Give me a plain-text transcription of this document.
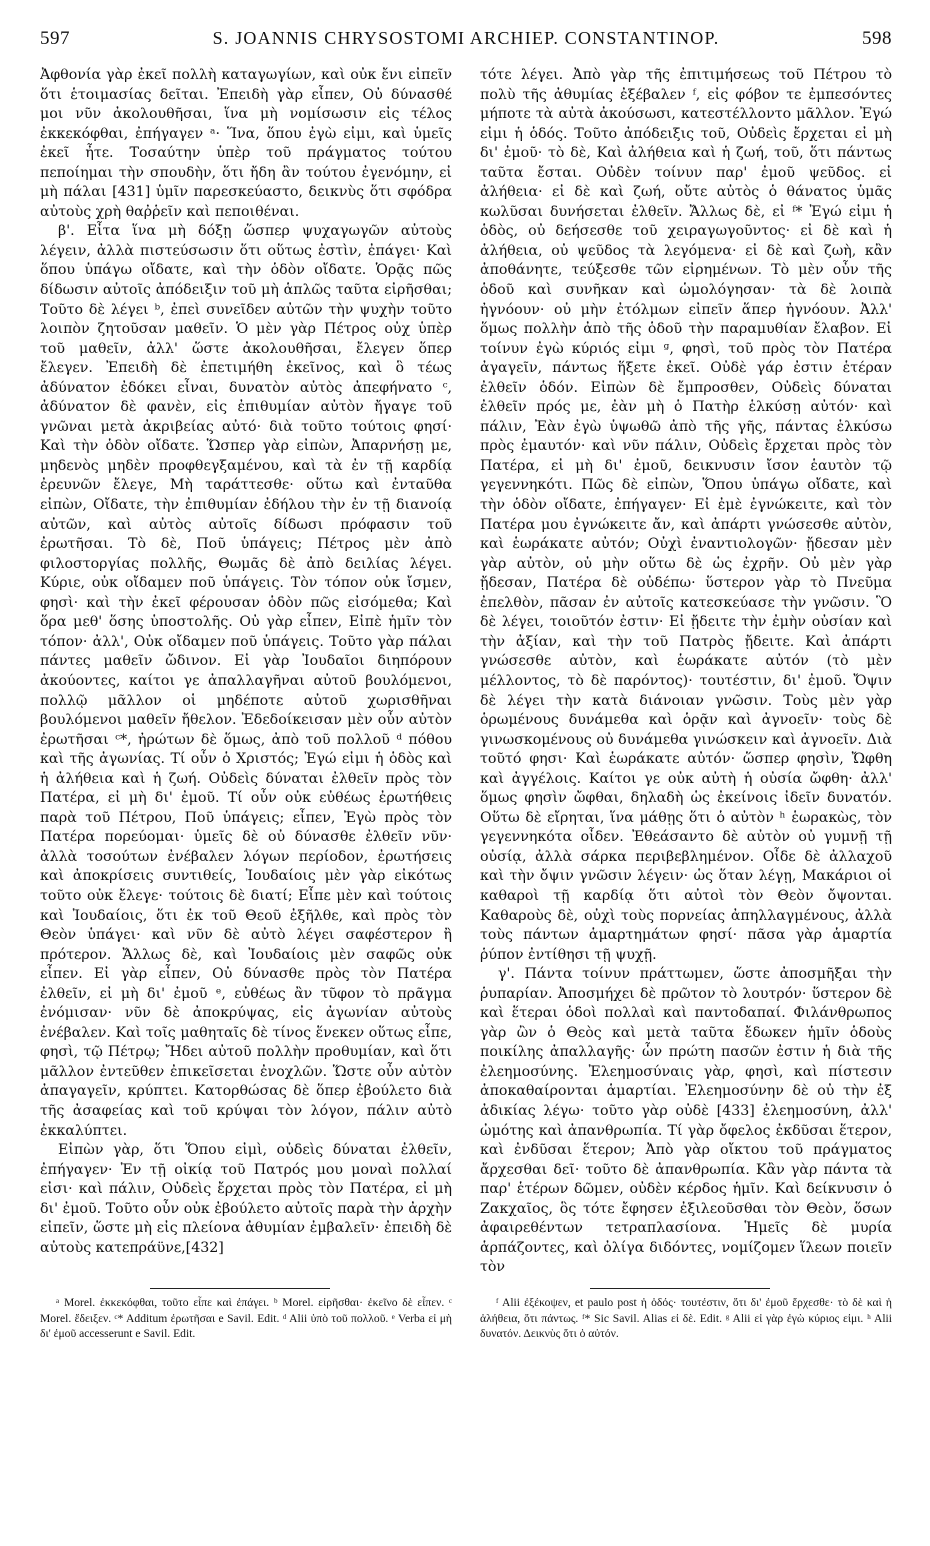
597	S. JOANNIS CHRYSOSTOMI ARCHIEP. CONSTANTINOP.	598

Ἀφθονία γὰρ ἐκεῖ πολλὴ καταγωγίων, καὶ οὐκ ἔνι εἰπεῖν ὅτι ἑτοιμασίας δεῖται. Ἐπειδὴ γὰρ εἶπεν, Οὐ δύνασθέ μοι νῦν ἀκολουθῆσαι, ἵνα μὴ νομίσωσιν εἰς τέλος ἐκκεκόφθαι, ἐπήγαγεν ᵃ· Ἵνα, ὅπου ἐγὼ εἰμι, καὶ ὑμεῖς ἐκεῖ ἦτε. Τοσαύτην ὑπὲρ τοῦ πράγματος τούτου πεποίημαι τὴν σπουδὴν, ὅτι ἤδη ἂν τούτου ἐγενόμην, εἰ μὴ πάλαι [431] ὑμῖν παρεσκεύαστο, δεικνὺς ὅτι σφόδρα αὐτοὺς χρὴ θαῤῥεῖν καὶ πεποιθέναι.

β'. Εἶτα ἵνα μὴ δόξῃ ὥσπερ ψυχαγωγῶν αὐτοὺς λέγειν, ἀλλὰ πιστεύσωσιν ὅτι οὕτως ἐστὶν, ἐπάγει· Καὶ ὅπου ὑπάγω οἴδατε, καὶ τὴν ὁδὸν οἴδατε. Ὁρᾷς πῶς δίδωσιν αὐτοῖς ἀπόδειξιν τοῦ μὴ ἁπλῶς ταῦτα εἰρῆσθαι; Τοῦτο δὲ λέγει ᵇ, ἐπεὶ συνεῖδεν αὐτῶν τὴν ψυχὴν τοῦτο λοιπὸν ζητοῦσαν μαθεῖν. Ὁ μὲν γὰρ Πέτρος οὐχ ὑπὲρ τοῦ μαθεῖν, ἀλλ' ὥστε ἀκολουθῆσαι, ἔλεγεν ὅπερ ἔλεγεν. Ἐπειδὴ δὲ ἐπετιμήθη ἐκεῖνος, καὶ ὃ τέως ἀδύνατον ἐδόκει εἶναι, δυνατὸν αὐτὸς ἀπεφήνατο ᶜ, ἀδύνατον δὲ φανὲν, εἰς ἐπιθυμίαν αὐτὸν ἤγαγε τοῦ γνῶναι μετὰ ἀκριβείας αὐτό· διὰ τοῦτο τούτοις φησί· Καὶ τὴν ὁδὸν οἴδατε. Ὥσπερ γὰρ εἰπὼν, Ἀπαρνήσῃ με, μηδενὸς μηδὲν προφθεγξαμένου, καὶ τὰ ἐν τῇ καρδίᾳ ἐρευνῶν ἔλεγε, Μὴ ταράττεσθε· οὕτω καὶ ἐνταῦθα εἰπὼν, Οἴδατε, τὴν ἐπιθυμίαν ἐδήλου τὴν ἐν τῇ διανοίᾳ αὐτῶν, καὶ αὐτὸς αὐτοῖς δίδωσι πρόφασιν τοῦ ἐρωτῆσαι. Τὸ δὲ, Ποῦ ὑπάγεις; Πέτρος μὲν ἀπὸ φιλοστοργίας πολλῆς, Θωμᾶς δὲ ἀπὸ δειλίας λέγει. Κύριε, οὐκ οἴδαμεν ποῦ ὑπάγεις. Τὸν τόπον οὐκ ἴσμεν, φησὶ· καὶ τὴν ἐκεῖ φέρουσαν ὁδὸν πῶς εἰσόμεθα; Καὶ ὅρα μεθ' ὅσης ὑποστολῆς. Οὐ γὰρ εἶπεν, Εἰπὲ ἡμῖν τὸν τόπον· ἀλλ', Οὐκ οἴδαμεν ποῦ ὑπάγεις. Τοῦτο γὰρ πάλαι πάντες μαθεῖν ὤδινον. Εἰ γὰρ Ἰουδαῖοι διηπόρουν ἀκούοντες, καίτοι γε ἀπαλλαγῆναι αὐτοῦ βουλόμενοι, πολλῷ μᾶλλον οἱ μηδέποτε αὐτοῦ χωρισθῆναι βουλόμενοι μαθεῖν ἤθελον. Ἐδεδοίκεισαν μὲν οὖν αὐτὸν ἐρωτῆσαι ᶜ*, ἠρώτων δὲ ὅμως, ἀπὸ τοῦ πολλοῦ ᵈ πόθου καὶ τῆς ἀγωνίας. Τί οὖν ὁ Χριστός; Ἐγώ εἰμι ἡ ὁδὸς καὶ ἡ ἀλήθεια καὶ ἡ ζωή. Οὐδεὶς δύναται ἐλθεῖν πρὸς τὸν Πατέρα, εἰ μὴ δι' ἐμοῦ. Τί οὖν οὐκ εὐθέως ἐρωτήθεις παρὰ τοῦ Πέτρου, Ποῦ ὑπάγεις; εἶπεν, Ἐγὼ πρὸς τὸν Πατέρα πορεύομαι· ὑμεῖς δὲ οὐ δύνασθε ἐλθεῖν νῦν· ἀλλὰ τοσούτων ἐνέβαλεν λόγων περίοδον, ἐρωτήσεις καὶ ἀποκρίσεις συντιθείς, Ἰουδαίοις μὲν γὰρ εἰκότως τοῦτο οὐκ ἔλεγε· τούτοις δὲ διατί; Εἶπε μὲν καὶ τούτοις καὶ Ἰουδαίοις, ὅτι ἐκ τοῦ Θεοῦ ἐξῆλθε, καὶ πρὸς τὸν Θεὸν ὑπάγει· καὶ νῦν δὲ αὐτὸ λέγει σαφέστερον ἢ πρότερον. Ἄλλως δὲ, καὶ Ἰουδαίοις μὲν σαφῶς οὐκ εἶπεν. Εἰ γὰρ εἶπεν, Οὐ δύνασθε πρὸς τὸν Πατέρα ἐλθεῖν, εἰ μὴ δι' ἐμοῦ ᵉ, εὐθέως ἂν τῦφον τὸ πρᾶγμα ἐνόμισαν· νῦν δὲ ἀποκρύψας, εἰς ἀγωνίαν αὐτοὺς ἐνέβαλεν. Καὶ τοῖς μαθηταῖς δὲ τίνος ἕνεκεν οὕτως εἶπε, φησὶ, τῷ Πέτρῳ; Ἤδει αὐτοῦ πολλὴν προθυμίαν, καὶ ὅτι μᾶλλον ἐντεῦθεν ἐπικεῖσεται ἐνοχλῶν. Ὥστε οὖν αὐτὸν ἀπαγαγεῖν, κρύπτει. Κατορθώσας δὲ ὅπερ ἐβούλετο διὰ τῆς ἀσαφείας καὶ τοῦ κρύψαι τὸν λόγον, πάλιν αὐτὸ ἐκκαλύπτει.

Εἰπὼν γὰρ, ὅτι Ὅπου εἰμὶ, οὐδεὶς δύναται ἐλθεῖν, ἐπήγαγεν· Ἐν τῇ οἰκίᾳ τοῦ Πατρός μου μοναὶ πολλαί εἰσι· καὶ πάλιν, Οὐδεὶς ἔρχεται πρὸς τὸν Πατέρα, εἰ μὴ δι' ἐμοῦ. Τοῦτο οὖν οὐκ ἐβούλετο αὐτοῖς παρὰ τὴν ἀρχὴν εἰπεῖν, ὥστε μὴ εἰς πλείονα ἀθυμίαν ἐμβαλεῖν· ἐπειδὴ δὲ αὐτοὺς κατεπράϋνε,[432]

τότε λέγει. Ἀπὸ γὰρ τῆς ἐπιτιμήσεως τοῦ Πέτρου τὸ πολὺ τῆς ἀθυμίας ἐξέβαλεν ᶠ, εἰς φόβον τε ἐμπεσόντες μήποτε τὰ αὐτὰ ἀκούσωσι, κατεστέλλοντο μᾶλλον. Ἐγώ εἰμι ἡ ὁδός. Τοῦτο ἀπόδειξις τοῦ, Οὐδεὶς ἔρχεται εἰ μὴ δι' ἐμοῦ· τὸ δὲ, Καὶ ἀλήθεια καὶ ἡ ζωή, τοῦ, ὅτι πάντως ταῦτα ἔσται. Οὐδὲν τοίνυν παρ' ἐμοῦ ψεῦδος. εἰ ἀλήθεια· εἰ δὲ καὶ ζωή, οὔτε αὐτὸς ὁ θάνατος ὑμᾶς κωλῦσαι δυνήσεται ἐλθεῖν. Ἄλλως δὲ, εἰ ᶠ* Ἐγώ εἰμι ἡ ὁδὸς, οὐ δεήσεσθε τοῦ χειραγωγοῦντος· εἰ δὲ καὶ ἡ ἀλήθεια, οὐ ψεῦδος τὰ λεγόμενα· εἰ δὲ καὶ ζωὴ, κἂν ἀποθάνητε, τεύξεσθε τῶν εἰρημένων. Τὸ μὲν οὖν τῆς ὁδοῦ καὶ συνῆκαν καὶ ὡμολόγησαν· τὰ δὲ λοιπὰ ἠγνόουν· οὐ μὴν ἐτόλμων εἰπεῖν ἅπερ ἠγνόουν. Ἀλλ' ὅμως πολλὴν ἀπὸ τῆς ὁδοῦ τὴν παραμυθίαν ἔλαβον. Εἰ τοίνυν ἐγὼ κύριός εἰμι ᵍ, φησὶ, τοῦ πρὸς τὸν Πατέρα ἀγαγεῖν, πάντως ἥξετε ἐκεῖ. Οὐδὲ γάρ ἐστιν ἑτέραν ἐλθεῖν ὁδόν. Εἰπὼν δὲ ἔμπροσθεν, Οὐδεὶς δύναται ἐλθεῖν πρός με, ἐὰν μὴ ὁ Πατὴρ ἑλκύσῃ αὐτόν· καὶ πάλιν, Ἐὰν ἐγὼ ὑψωθῶ ἀπὸ τῆς γῆς, πάντας ἑλκύσω πρὸς ἐμαυτόν· καὶ νῦν πάλιν, Οὐδεὶς ἔρχεται πρὸς τὸν Πατέρα, εἰ μὴ δι' ἐμοῦ, δεικνυσιν ἴσον ἑαυτὸν τῷ γεγεννηκότι. Πῶς δὲ εἰπὼν, Ὅπου ὑπάγω οἴδατε, καὶ τὴν ὁδὸν οἴδατε, ἐπήγαγεν· Εἰ ἐμὲ ἐγνώκειτε, καὶ τὸν Πατέρα μου ἐγνώκειτε ἄν, καὶ ἀπάρτι γνώσεσθε αὐτὸν, καὶ ἑωράκατε αὐτόν; Οὐχὶ ἐναντιολογῶν· ᾔδεσαν μὲν γὰρ αὐτὸν, οὐ μὴν οὕτω δὲ ὡς ἐχρῆν. Οὐ μὲν γὰρ ᾔδεσαν, Πατέρα δὲ οὐδέπω· ὕστερον γὰρ τὸ Πνεῦμα ἐπελθὸν, πᾶσαν ἐν αὐτοῖς κατεσκεύασε τὴν γνῶσιν. Ὃ δὲ λέγει, τοιοῦτόν ἐστιν· Εἰ ᾔδειτε τὴν ἐμὴν οὐσίαν καὶ τὴν ἀξίαν, καὶ τὴν τοῦ Πατρὸς ᾔδειτε. Καὶ ἀπάρτι γνώσεσθε αὐτὸν, καὶ ἑωράκατε αὐτόν (τὸ μὲν μέλλοντος, τὸ δὲ παρόντος)· τουτέστιν, δι' ἐμοῦ. Ὄψιν δὲ λέγει τὴν κατὰ διάνοιαν γνῶσιν. Τοὺς μὲν γὰρ ὁρωμένους δυνάμεθα καὶ ὁρᾷν καὶ ἀγνοεῖν· τοὺς δὲ γινωσκομένους οὐ δυνάμεθα γινώσκειν καὶ ἀγνοεῖν. Διὰ τοῦτό φησι· Καὶ ἑωράκατε αὐτόν· ὥσπερ φησὶν, Ὤφθη καὶ ἀγγέλοις. Καίτοι γε οὐκ αὐτὴ ἡ οὐσία ὤφθη· ἀλλ' ὅμως φησὶν ὤφθαι, δηλαδὴ ὡς ἐκείνοις ἰδεῖν δυνατόν. Οὕτω δὲ εἴρηται, ἵνα μάθῃς ὅτι ὁ αὐτὸν ʰ ἑωρακὼς, τὸν γεγεννηκότα οἶδεν. Ἐθεάσαντο δὲ αὐτὸν οὐ γυμνῇ τῇ οὐσίᾳ, ἀλλὰ σάρκα περιβεβλημένον. Οἶδε δὲ ἀλλαχοῦ καὶ τὴν ὄψιν γνῶσιν λέγειν· ὡς ὅταν λέγῃ, Μακάριοι οἱ καθαροὶ τῇ καρδίᾳ ὅτι αὐτοὶ τὸν Θεὸν ὄψονται. Καθαροὺς δὲ, οὐχὶ τοὺς πορνείας ἀπηλλαγμένους, ἀλλὰ τοὺς πάντων ἁμαρτημάτων φησί· πᾶσα γὰρ ἁμαρτία ῥύπον ἐντίθησι τῇ ψυχῇ.

γ'. Πάντα τοίνυν πράττωμεν, ὥστε ἀποσμῆξαι τὴν ῥυπαρίαν. Ἀποσμήχει δὲ πρῶτον τὸ λουτρόν· ὕστερον δὲ καὶ ἕτεραι ὁδοὶ πολλαὶ καὶ παντοδαπαί. Φιλάνθρωπος γὰρ ὢν ὁ Θεὸς καὶ μετὰ ταῦτα ἔδωκεν ἡμῖν ὁδοὺς ποικίλης ἀπαλλαγῆς· ὧν πρώτη πασῶν ἐστιν ἡ διὰ τῆς ἐλεημοσύνης. Ἐλεημοσύναις γὰρ, φησὶ, καὶ πίστεσιν ἀποκαθαίρονται ἁμαρτίαι. Ἐλεημοσύνην δὲ οὐ τὴν ἐξ ἀδικίας λέγω· τοῦτο γὰρ οὐδὲ [433] ἐλεημοσύνη, ἀλλ' ὠμότης καὶ ἀπανθρωπία. Τί γὰρ ὄφελος ἐκδῦσαι ἕτερον, καὶ ἐνδῦσαι ἕτερον; Ἀπὸ γὰρ οἴκτου τοῦ πράγματος ἄρχεσθαι δεῖ· τοῦτο δὲ ἀπανθρωπία. Κἂν γὰρ πάντα τὰ παρ' ἑτέρων δῶμεν, οὐδὲν κέρδος ἡμῖν. Καὶ δείκνυσιν ὁ Ζακχαῖος, ὃς τότε ἔφησεν ἐξιλεοῦσθαι τὸν Θεὸν, ὅσων ἀφαιρεθέντων τετραπλασίονα. Ἡμεῖς δὲ μυρία ἁρπάζοντες, καὶ ὀλίγα διδόντες, νομίζομεν ἵλεων ποιεῖν τὸν

ᵃ Morel. ἐκκεκόφθαι, τοῦτο εἶπε καὶ ἐπάγει. ᵇ Morel. εἰρῆσθαι· ἐκεῖνο δὲ εἶπεν. ᶜ Morel. ἔδειξεν. ᶜ* Additum ἐρωτῆσαι e Savil. Edit. ᵈ Alii ὑπὸ τοῦ πολλοῦ. ᵉ Verba εἰ μὴ δι' ἐμοῦ accesserunt e Savil. Edit.

ᶠ Alii ἐξέκοψεν, et paulo post ἡ ὁδός· τουτέστιν, ὅτι δι' ἐμοῦ ἔρχεσθε· τὸ δὲ καὶ ἡ ἀλήθεια, ὅτι πάντως. ᶠ* Sic Savil. Alias εἰ δὲ. Edit. ᵍ Alii εἰ γὰρ ἐγὼ κύριος εἰμι. ʰ Alii δυνατόν. Δεικνὺς ὅτι ὁ αὐτόν.
